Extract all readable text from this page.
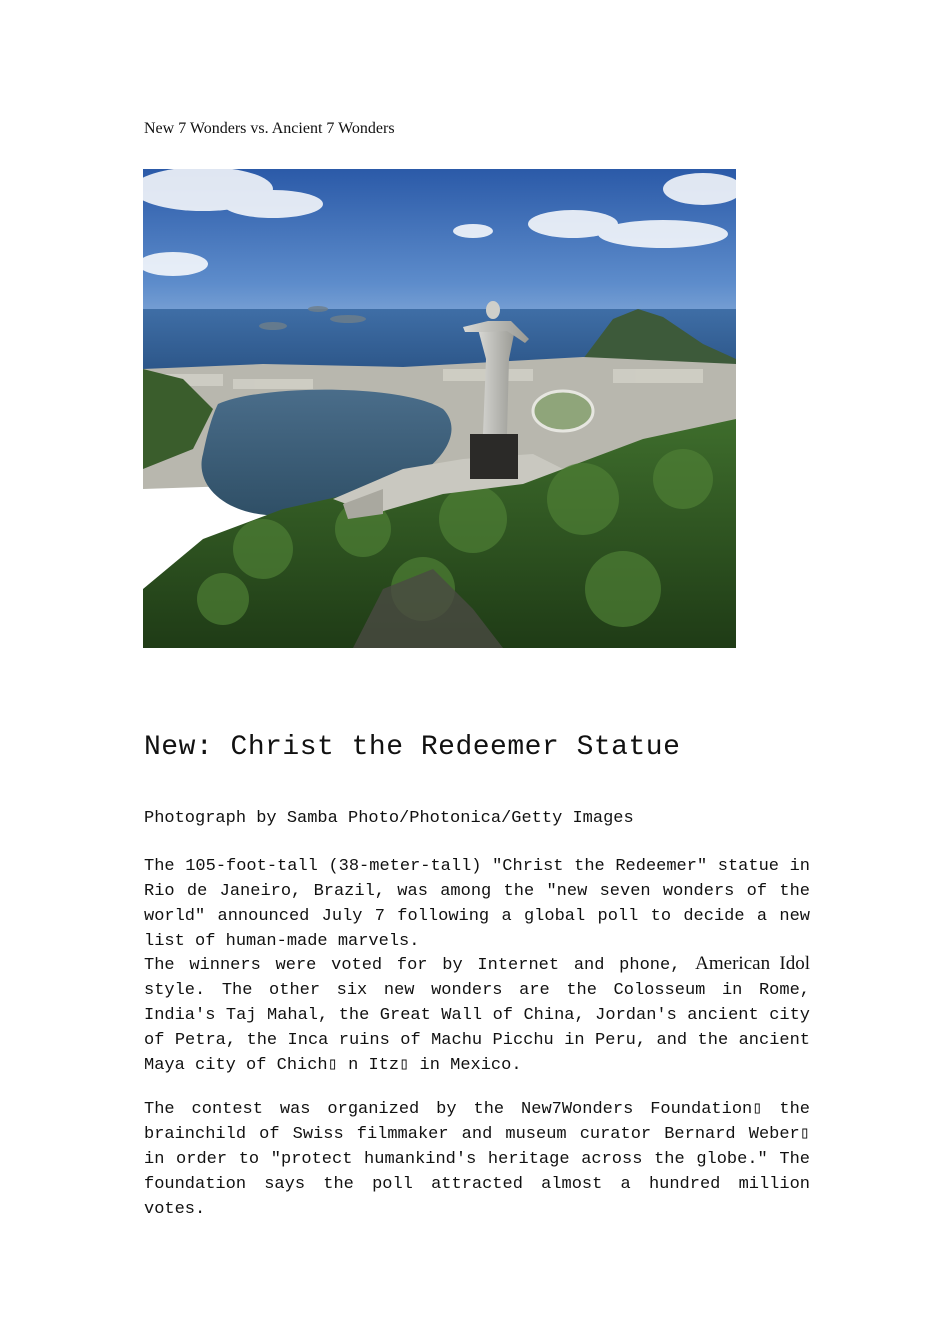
New 7 Wonders vs. Ancient 7 Wonders
New: Christ the Redeemer Statue

Photograph by Samba Photo/Photonica/Getty Images

The 105-foot-tall (38-meter-tall) "Christ the Redeemer" statue in Rio de Janeiro, Brazil, was among the "new seven wonders of the world" announced July 7 following a global poll to decide a new list of human-made marvels.

The winners were voted for by Internet and phone, American Idol style. The other six new wonders are the Colosseum in Rome, India's Taj Mahal, the Great Wall of China, Jordan's ancient city of Petra, the Inca ruins of Machu Picchu in Peru, and the ancient Maya city of Chich▯ n Itz▯ in Mexico.

The contest was organized by the New7Wonders Foundation▯ the brainchild of Swiss filmmaker and museum curator Bernard Weber▯ in order to "protect humankind's heritage across the globe." The foundation says the poll attracted almost a hundred million votes.
